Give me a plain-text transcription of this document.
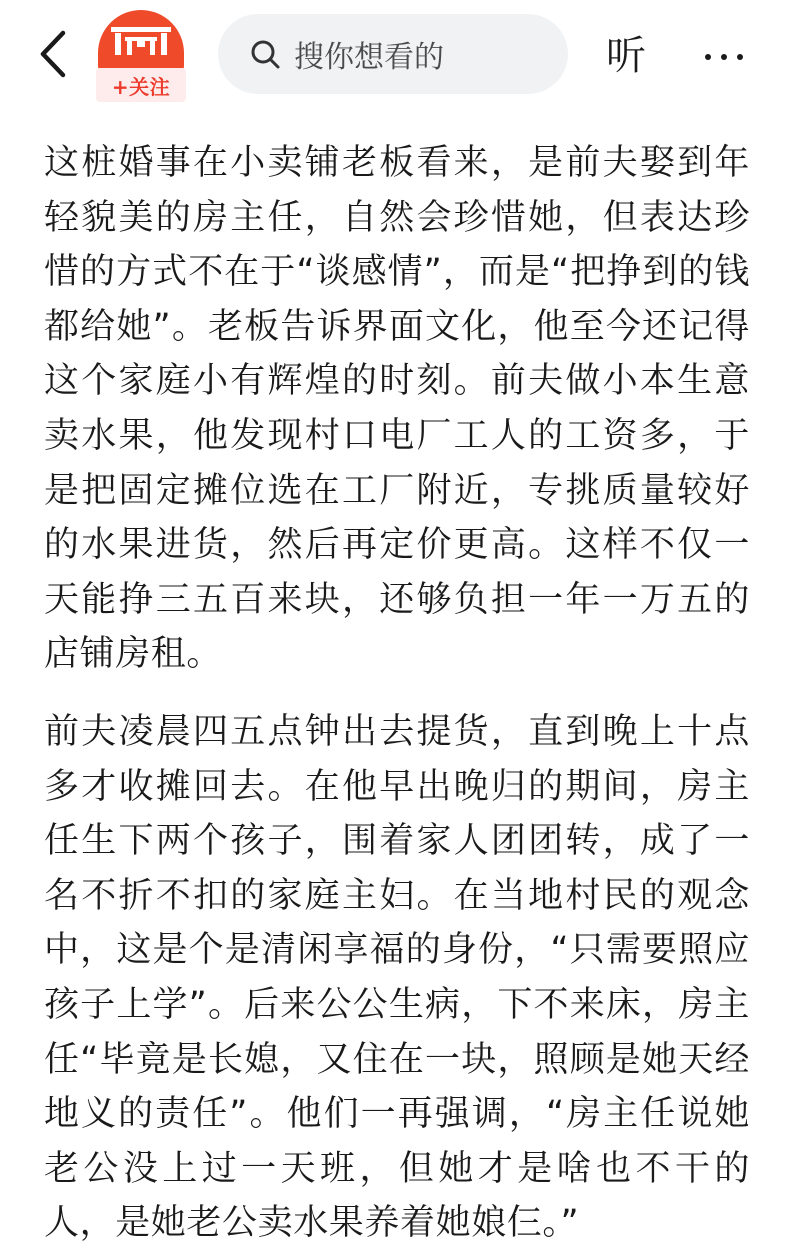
+关注
搜你想看的	听

这桩婚事在小卖铺老板看来，是前夫娶到年轻貌美的房主任，自然会珍惜她，但表达珍惜的方式不在于“谈感情”，而是“把挣到的钱都给她”。老板告诉界面文化，他至今还记得这个家庭小有辉煌的时刻。前夫做小本生意卖水果，他发现村口电厂工人的工资多，于是把固定摊位选在工厂附近，专挑质量较好的水果进货，然后再定价更高。这样不仅一天能挣三五百来块，还够负担一年一万五的店铺房租。

前夫凌晨四五点钟出去提货，直到晚上十点多才收摊回去。在他早出晚归的期间，房主任生下两个孩子，围着家人团团转，成了一名不折不扣的家庭主妇。在当地村民的观念中，这是个是清闲享福的身份，“只需要照应孩子上学”。后来公公生病，下不来床，房主任“毕竟是长媳，又住在一块，照顾是她天经地义的责任”。他们一再强调，“房主任说她老公没上过一天班，但她才是啥也不干的人，是她老公卖水果养着她娘仨。”
